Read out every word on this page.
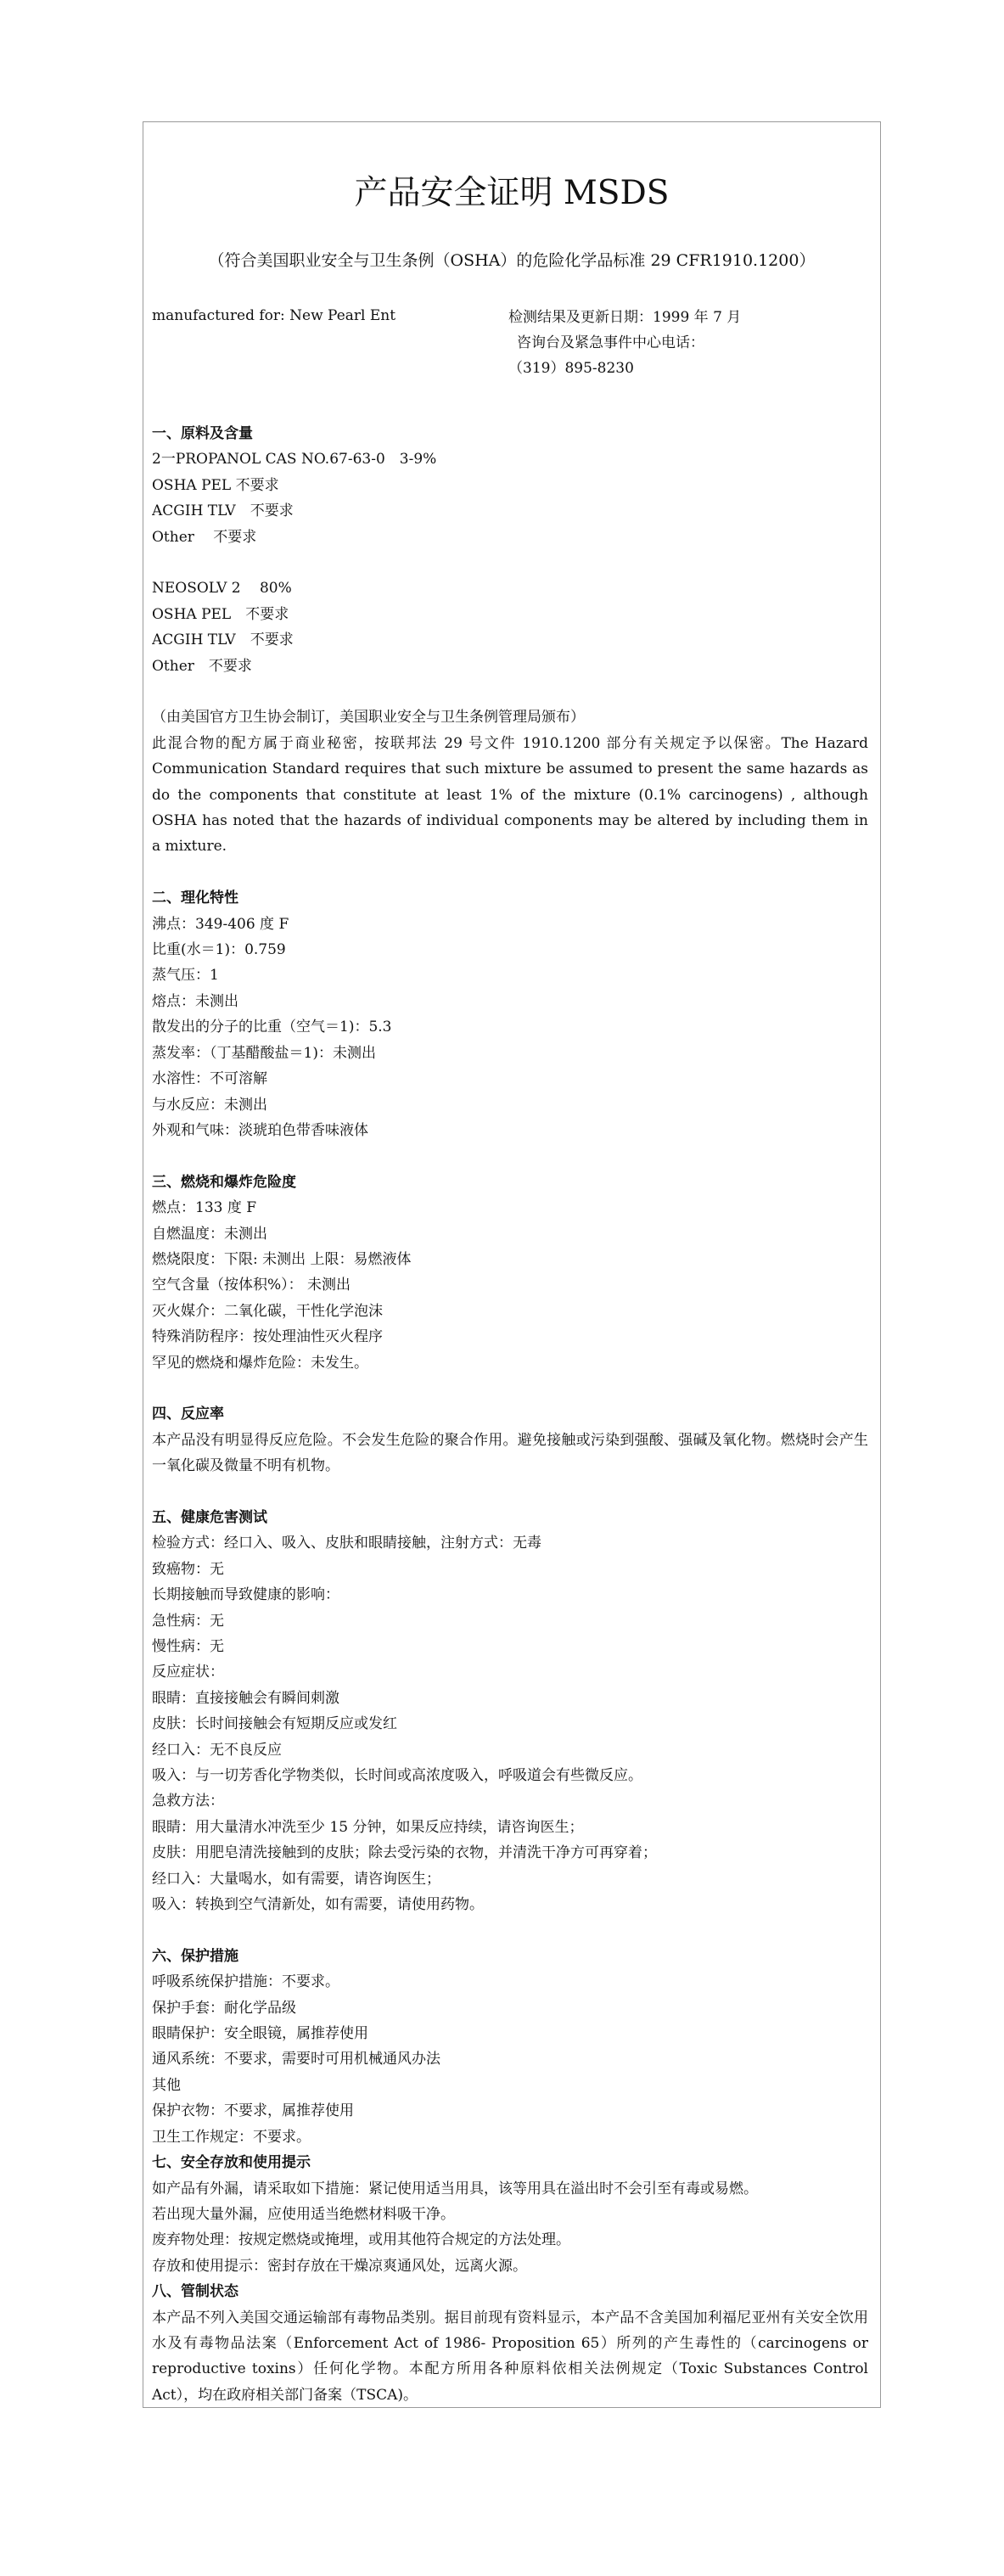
产品安全证明 MSDS
（符合美国职业安全与卫生条例（OSHA）的危险化学品标准 29 CFR1910.1200）
manufactured for: New Pearl Ent	检测结果及更新日期：1999 年 7 月
咨询台及紧急事件中心电话：
（319）895-8230
一、原料及含量
2一PROPANOL CAS NO.67-63-0　3-9%
OSHA PEL 不要求
ACGIH TLV　不要求
Other　 不要求
NEOSOLV 2　 80%
OSHA PEL　不要求
ACGIH TLV　不要求
Other　不要求
（由美国官方卫生协会制订，美国职业安全与卫生条例管理局颁布）
此混合物的配方属于商业秘密，按联邦法 29 号文件 1910.1200 部分有关规定予以保密。The Hazard Communication Standard requires that such mixture be assumed to present the same hazards as do the components that constitute at least 1% of the mixture (0.1% carcinogens) , although OSHA has noted that the hazards of individual components may be altered by including them in a mixture.
二、理化特性
沸点：349-406 度 F
比重(水＝1)：0.759
蒸气压：1
熔点：未测出
散发出的分子的比重（空气＝1)：5.3
蒸发率：（丁基醋酸盐＝1)：未测出
水溶性：不可溶解
与水反应：未测出
外观和气味：淡琥珀色带香味液体
三、燃烧和爆炸危险度
燃点：133 度 F
自燃温度：未测出
燃烧限度：下限: 未测出 上限：易燃液体
空气含量（按体积%）： 未测出
灭火媒介：二氧化碳，干性化学泡沫
特殊消防程序：按处理油性灭火程序
罕见的燃烧和爆炸危险：未发生。
四、反应率
本产品没有明显得反应危险。不会发生危险的聚合作用。避免接触或污染到强酸、强碱及氧化物。燃烧时会产生一氧化碳及微量不明有机物。
五、健康危害测试
检验方式：经口入、吸入、皮肤和眼睛接触，注射方式：无毒
致癌物：无
长期接触而导致健康的影响：
急性病：无
慢性病：无
反应症状：
眼睛：直接接触会有瞬间刺激
皮肤：长时间接触会有短期反应或发红
经口入：无不良反应
吸入：与一切芳香化学物类似，长时间或高浓度吸入，呼吸道会有些微反应。
急救方法：
眼睛：用大量清水冲洗至少 15 分钟，如果反应持续，请咨询医生；
皮肤：用肥皂清洗接触到的皮肤；除去受污染的衣物，并清洗干净方可再穿着；
经口入：大量喝水，如有需要，请咨询医生；
吸入：转换到空气清新处，如有需要，请使用药物。
六、保护措施
呼吸系统保护措施：不要求。
保护手套：耐化学品级
眼睛保护：安全眼镜，属推荐使用
通风系统：不要求，需要时可用机械通风办法
其他
保护衣物：不要求，属推荐使用
卫生工作规定：不要求。
七、安全存放和使用提示
如产品有外漏，请采取如下措施：紧记使用适当用具，该等用具在溢出时不会引至有毒或易燃。
若出现大量外漏，应使用适当绝燃材料吸干净。
废弃物处理：按规定燃烧或掩埋，或用其他符合规定的方法处理。
存放和使用提示：密封存放在干燥凉爽通风处，远离火源。
八、管制状态
本产品不列入美国交通运输部有毒物品类别。据目前现有资料显示，本产品不含美国加利福尼亚州有关安全饮用水及有毒物品法案（Enforcement Act of 1986- Proposition 65）所列的产生毒性的（carcinogens or reproductive toxins）任何化学物。本配方所用各种原料依相关法例规定（Toxic Substances Control Act），均在政府相关部门备案（TSCA)。
